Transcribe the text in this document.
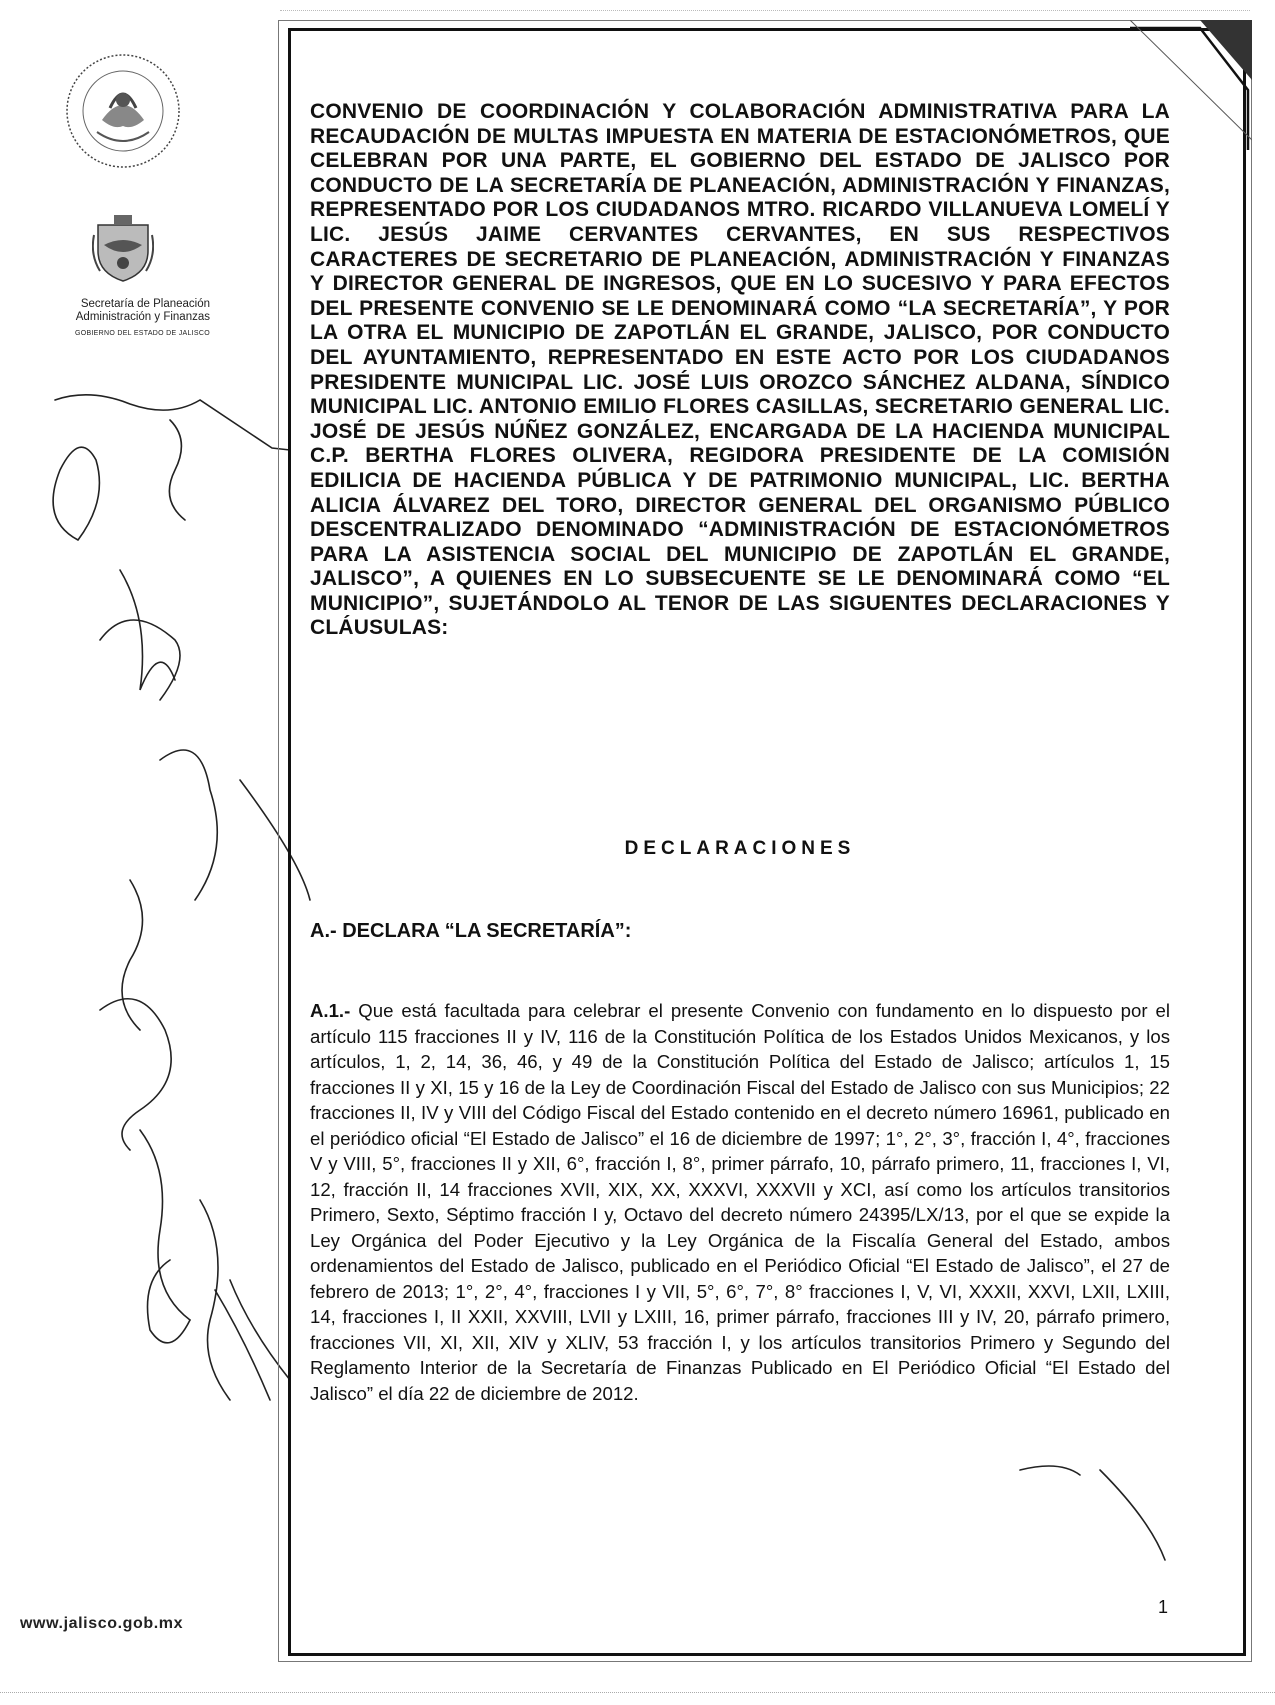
Secretaría de Planeación
Administración y Finanzas
GOBIERNO DEL ESTADO DE JALISCO
www.jalisco.gob.mx

CONVENIO DE COORDINACIÓN Y COLABORACIÓN ADMINISTRATIVA PARA LA RECAUDACIÓN DE MULTAS IMPUESTA EN MATERIA DE ESTACIONÓMETROS, QUE CELEBRAN POR UNA PARTE, EL GOBIERNO DEL ESTADO DE JALISCO POR CONDUCTO DE LA SECRETARÍA DE PLANEACIÓN, ADMINISTRACIÓN Y FINANZAS, REPRESENTADO POR LOS CIUDADANOS MTRO. RICARDO VILLANUEVA LOMELÍ Y LIC. JESÚS JAIME CERVANTES CERVANTES, EN SUS RESPECTIVOS CARACTERES DE SECRETARIO DE PLANEACIÓN, ADMINISTRACIÓN Y FINANZAS Y DIRECTOR GENERAL DE INGRESOS, QUE EN LO SUCESIVO Y PARA EFECTOS DEL PRESENTE CONVENIO SE LE DENOMINARÁ COMO “LA SECRETARÍA”, Y POR LA OTRA EL MUNICIPIO DE ZAPOTLÁN EL GRANDE, JALISCO, POR CONDUCTO DEL AYUNTAMIENTO, REPRESENTADO EN ESTE ACTO POR LOS CIUDADANOS PRESIDENTE MUNICIPAL LIC. JOSÉ LUIS OROZCO SÁNCHEZ ALDANA, SÍNDICO MUNICIPAL LIC. ANTONIO EMILIO FLORES CASILLAS, SECRETARIO GENERAL LIC. JOSÉ DE JESÚS NÚÑEZ GONZÁLEZ, ENCARGADA DE LA HACIENDA MUNICIPAL C.P. BERTHA FLORES OLIVERA, REGIDORA PRESIDENTE DE LA COMISIÓN EDILICIA DE HACIENDA PÚBLICA Y DE PATRIMONIO MUNICIPAL, LIC. BERTHA ALICIA ÁLVAREZ DEL TORO, DIRECTOR GENERAL DEL ORGANISMO PÚBLICO DESCENTRALIZADO DENOMINADO “ADMINISTRACIÓN DE ESTACIONÓMETROS PARA LA ASISTENCIA SOCIAL DEL MUNICIPIO DE ZAPOTLÁN EL GRANDE, JALISCO”, A QUIENES EN LO SUBSECUENTE SE LE DENOMINARÁ COMO “EL MUNICIPIO”, SUJETÁNDOLO AL TENOR DE LAS SIGUENTES DECLARACIONES Y CLÁUSULAS:

DECLARACIONES

A.- DECLARA “LA SECRETARÍA”:

A.1.- Que está facultada para celebrar el presente Convenio con fundamento en lo dispuesto por el artículo 115 fracciones II y IV, 116 de la Constitución Política de los Estados Unidos Mexicanos, y los artículos, 1, 2, 14, 36, 46, y 49 de la Constitución Política del Estado de Jalisco; artículos 1, 15 fracciones II y XI, 15 y 16 de la Ley de Coordinación Fiscal del Estado de Jalisco con sus Municipios; 22 fracciones II, IV y VIII del Código Fiscal del Estado contenido en el decreto número 16961, publicado en el periódico oficial “El Estado de Jalisco” el 16 de diciembre de 1997; 1°, 2°, 3°, fracción I, 4°, fracciones V y VIII, 5°, fracciones II y XII, 6°, fracción I, 8°, primer párrafo, 10, párrafo primero, 11, fracciones I, VI, 12, fracción II, 14 fracciones XVII, XIX, XX, XXXVI, XXXVII y XCI, así como los artículos transitorios Primero, Sexto, Séptimo fracción I y, Octavo del decreto número 24395/LX/13, por el que se expide la Ley Orgánica del Poder Ejecutivo y la Ley Orgánica de la Fiscalía General del Estado, ambos ordenamientos del Estado de Jalisco, publicado en el Periódico Oficial “El Estado de Jalisco”, el 27 de febrero de 2013; 1°, 2°, 4°, fracciones I y VII, 5°, 6°, 7°, 8° fracciones I, V, VI, XXXII, XXVI, LXII, LXIII, 14, fracciones I, II XXII, XXVIII, LVII y LXIII, 16, primer párrafo, fracciones III y IV, 20, párrafo primero, fracciones VII, XI, XII, XIV y XLIV, 53 fracción I, y los artículos transitorios Primero y Segundo del Reglamento Interior de la Secretaría de Finanzas Publicado en El Periódico Oficial “El Estado del Jalisco” el día 22 de diciembre de 2012.

1
